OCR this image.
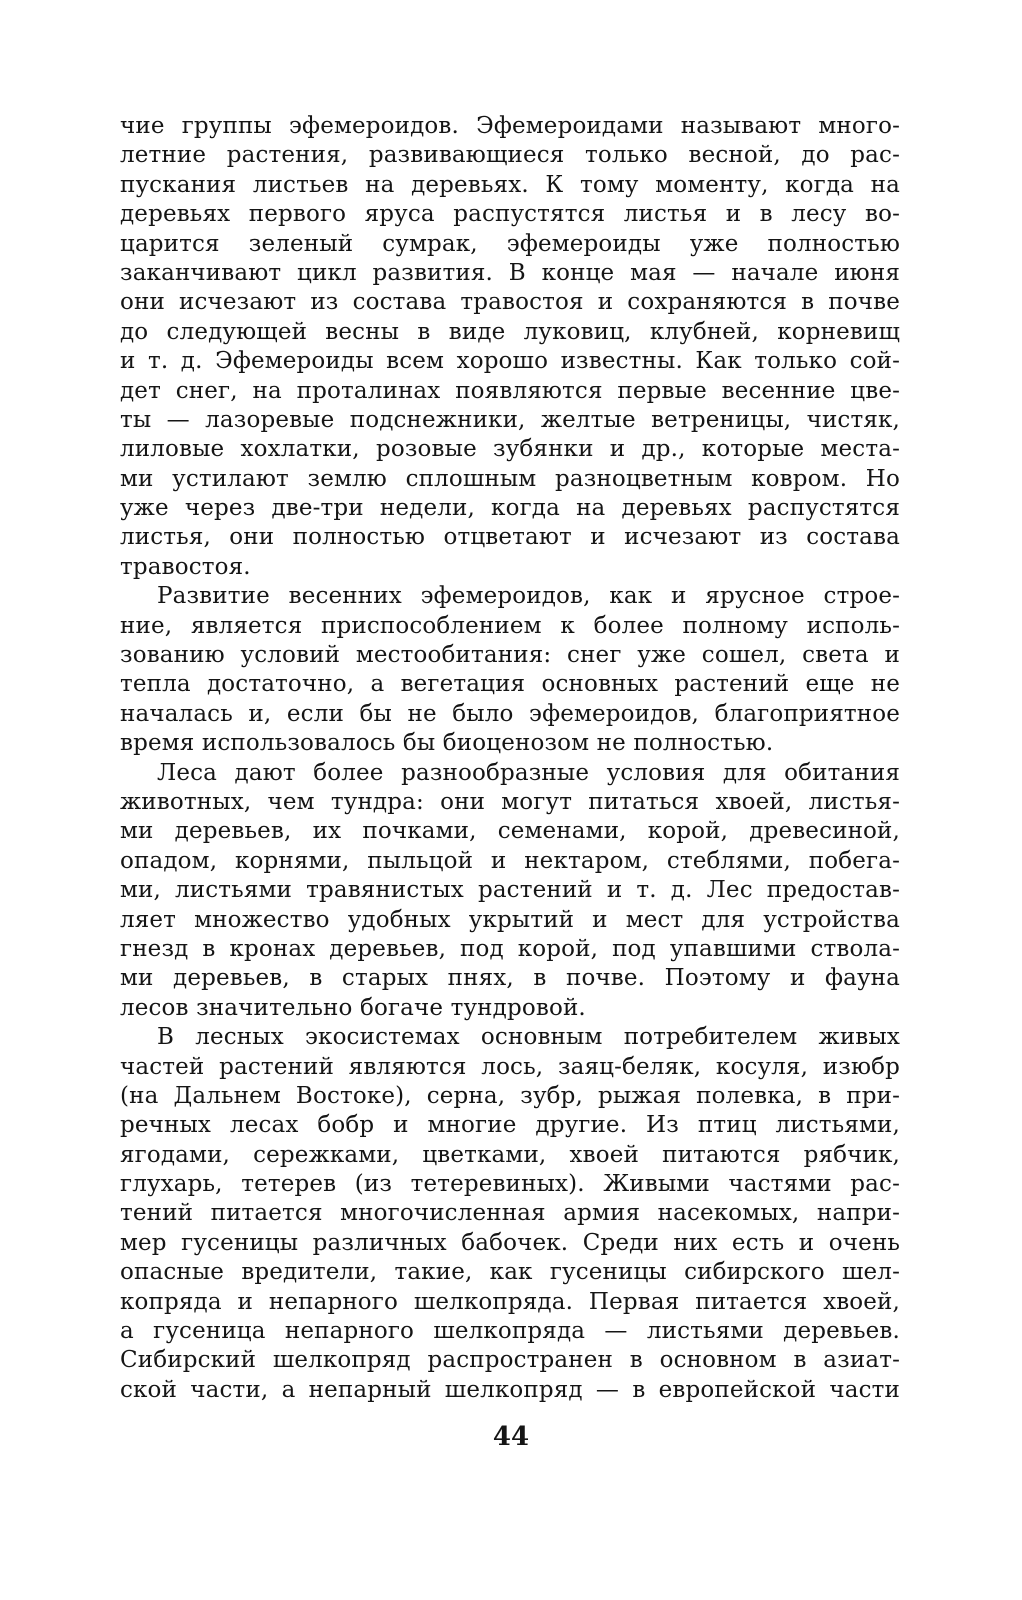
чие группы эфемероидов. Эфемероидами называют много-
летние растения, развивающиеся только весной, до рас-
пускания листьев на деревьях. К тому моменту, когда на
деревьях первого яруса распустятся листья и в лесу во-
царится зеленый сумрак, эфемероиды уже полностью
заканчивают цикл развития. В конце мая — начале июня
они исчезают из состава травостоя и сохраняются в почве
до следующей весны в виде луковиц, клубней, корневищ
и т. д. Эфемероиды всем хорошо известны. Как только сой-
дет снег, на проталинах появляются первые весенние цве-
ты — лазоревые подснежники, желтые ветреницы, чистяк,
лиловые хохлатки, розовые зубянки и др., которые места-
ми устилают землю сплошным разноцветным ковром. Но
уже через две-три недели, когда на деревьях распустятся
листья, они полностью отцветают и исчезают из состава
травостоя.
Развитие весенних эфемероидов, как и ярусное строе-
ние, является приспособлением к более полному исполь-
зованию условий местообитания: снег уже сошел, света и
тепла достаточно, а вегетация основных растений еще не
началась и, если бы не было эфемероидов, благоприятное
время использовалось бы биоценозом не полностью.
Леса дают более разнообразные условия для обитания
животных, чем тундра: они могут питаться хвоей, листья-
ми деревьев, их почками, семенами, корой, древесиной,
опадом, корнями, пыльцой и нектаром, стеблями, побега-
ми, листьями травянистых растений и т. д. Лес предостав-
ляет множество удобных укрытий и мест для устройства
гнезд в кронах деревьев, под корой, под упавшими ствола-
ми деревьев, в старых пнях, в почве. Поэтому и фауна
лесов значительно богаче тундровой.
В лесных экосистемах основным потребителем живых
частей растений являются лось, заяц-беляк, косуля, изюбр
(на Дальнем Востоке), серна, зубр, рыжая полевка, в при-
речных лесах бобр и многие другие. Из птиц листьями,
ягодами, сережками, цветками, хвоей питаются рябчик,
глухарь, тетерев (из тетеревиных). Живыми частями рас-
тений питается многочисленная армия насекомых, напри-
мер гусеницы различных бабочек. Среди них есть и очень
опасные вредители, такие, как гусеницы сибирского шел-
копряда и непарного шелкопряда. Первая питается хвоей,
а гусеница непарного шелкопряда — листьями деревьев.
Сибирский шелкопряд распространен в основном в азиат-
ской части, а непарный шелкопряд — в европейской части
44
